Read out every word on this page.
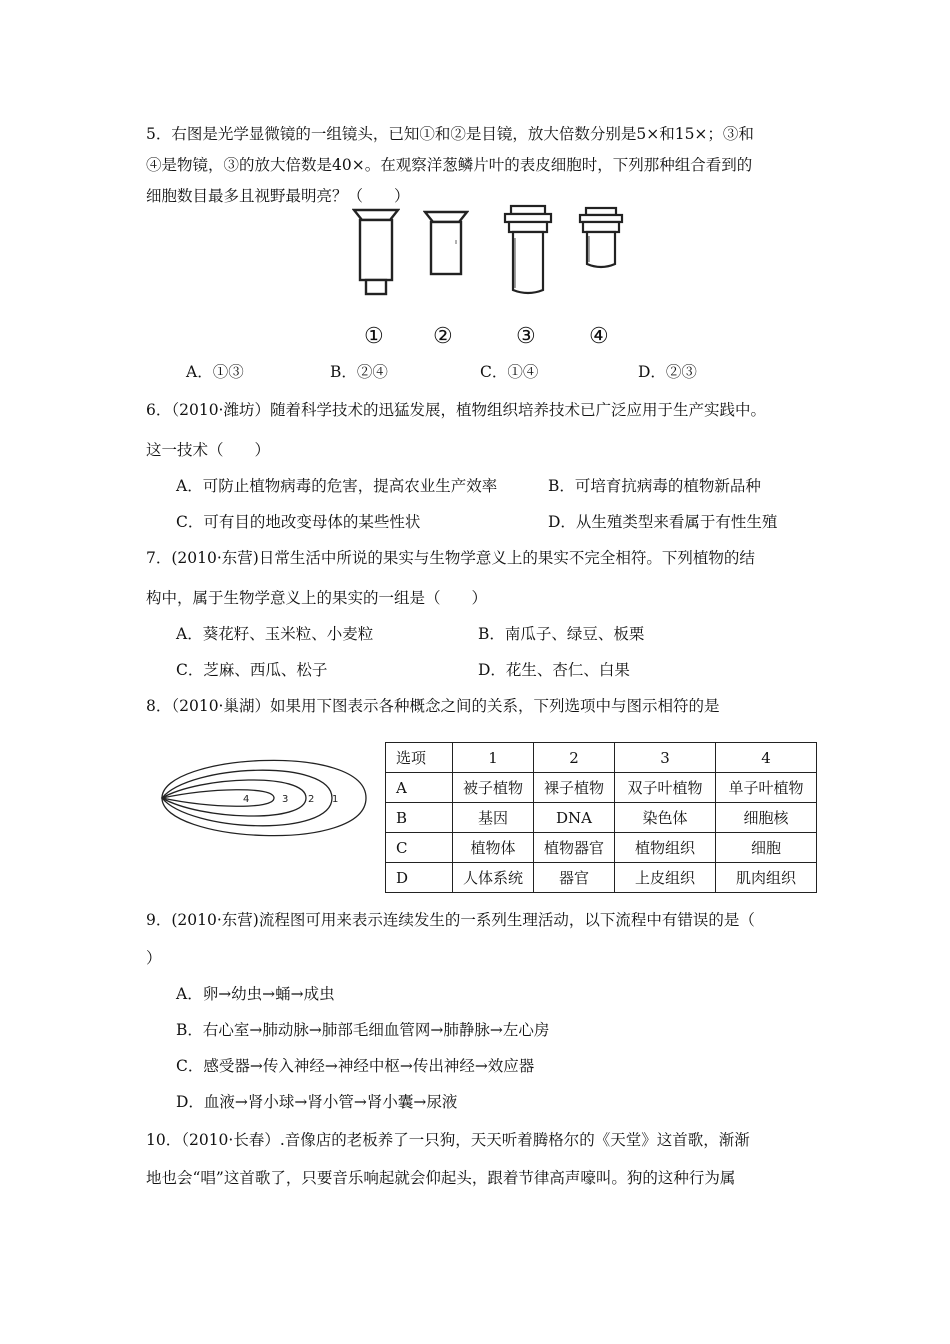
5．右图是光学显微镜的一组镜头，已知①和②是目镜，放大倍数分别是5×和15×；③和
④是物镜，③的放大倍数是40×。在观察洋葱鳞片叶的表皮细胞时，下列那种组合看到的
细胞数目最多且视野最明亮？（　　）
① ②	③ ④
A．①③	B．②④	C．①④	D．②③
6．（2010·潍坊）随着科学技术的迅猛发展，植物组织培养技术已广泛应用于生产实践中。
这一技术（　　）
A．可防止植物病毒的危害，提高农业生产效率	B．可培育抗病毒的植物新品种
C．可有目的地改变母体的某些性状	D．从生殖类型来看属于有性生殖
7．(2010·东营)日常生活中所说的果实与生物学意义上的果实不完全相符。下列植物的结
构中，属于生物学意义上的果实的一组是（　　）
A．葵花籽、玉米粒、小麦粒	B．南瓜子、绿豆、板栗
C．芝麻、西瓜、松子	D．花生、杏仁、白果
8．（2010·巢湖）如果用下图表示各种概念之间的关系，下列选项中与图示相符的是
4	3 2 1
选项	1	2	3	4
A	被子植物	裸子植物	双子叶植物	单子叶植物
B	基因	DNA	染色体	细胞核
C	植物体	植物器官	植物组织	细胞
D	人体系统	器官	上皮组织	肌肉组织
9．(2010·东营)流程图可用来表示连续发生的一系列生理活动，以下流程中有错误的是（
）
A．卵→幼虫→蛹→成虫
B．右心室→肺动脉→肺部毛细血管网→肺静脉→左心房
C．感受器→传入神经→神经中枢→传出神经→效应器
D．血液→肾小球→肾小管→肾小囊→尿液
10．（2010·长春）.音像店的老板养了一只狗，天天听着腾格尔的《天堂》这首歌，渐渐
地也会“唱”这首歌了，只要音乐响起就会仰起头，跟着节律高声嚎叫。狗的这种行为属
